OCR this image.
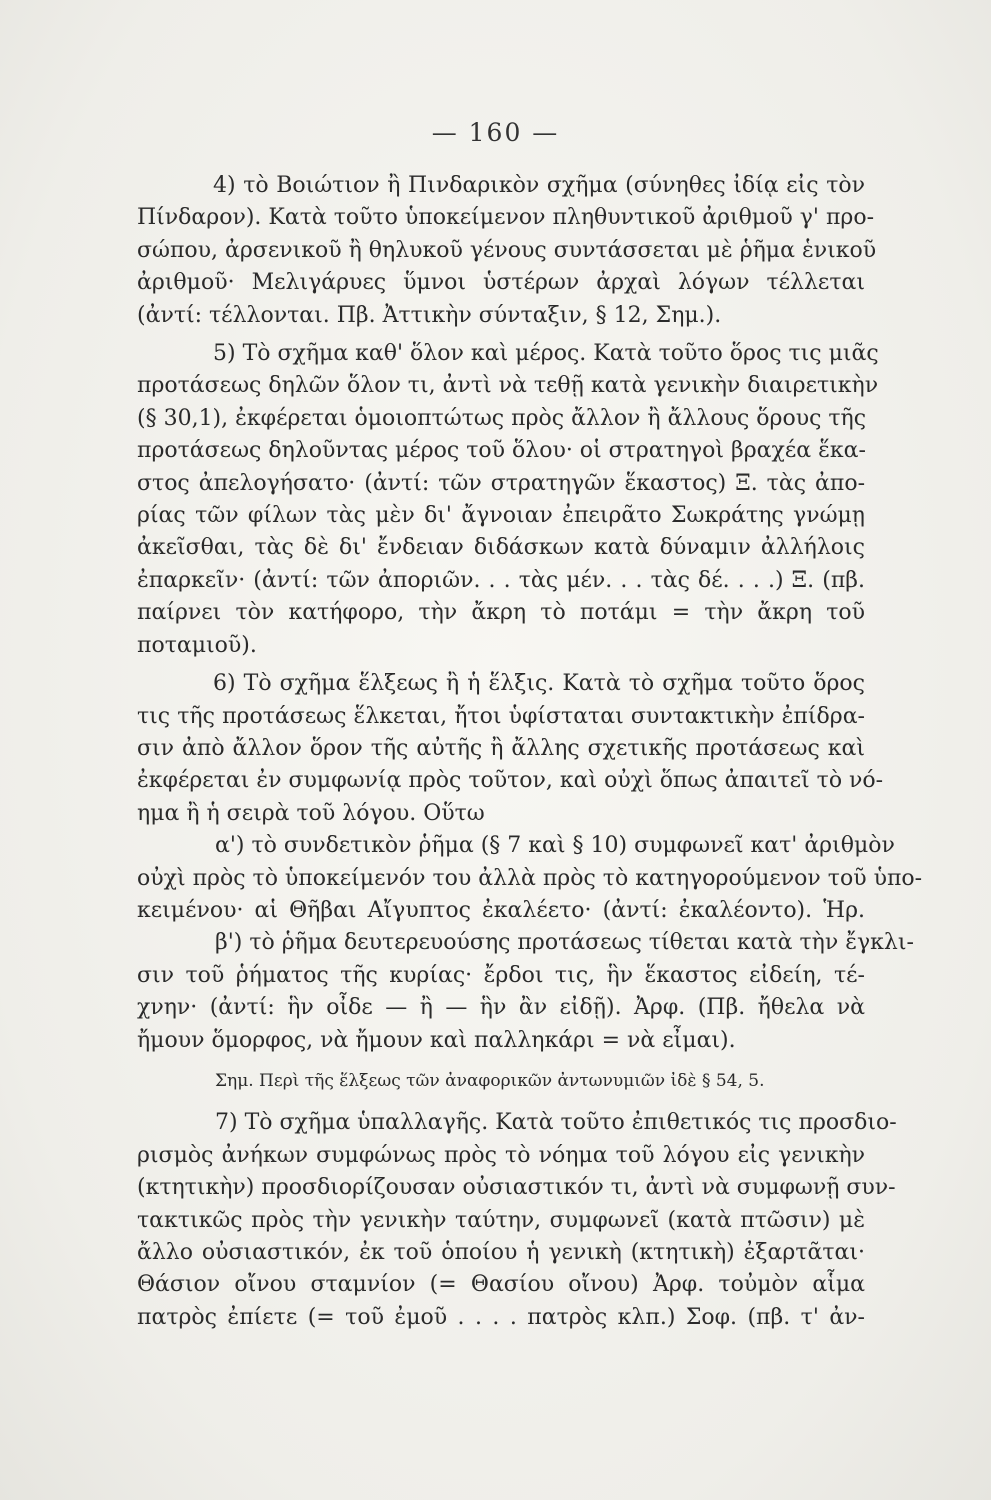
— 160 —
4) τὸ Βοιώτιον ἢ Πινδαρικὸν σχῆμα (σύνηθες ἰδίᾳ εἰς τὸν
Πίνδαρον). Κατὰ τοῦτο ὑποκείμενον πληθυντικοῦ ἀριθμοῦ γ' προ-
σώπου, ἀρσενικοῦ ἢ θηλυκοῦ γένους συντάσσεται μὲ ῥῆμα ἑνικοῦ
ἀριθμοῦ· Μελιγάρυες ὕμνοι ὑστέρων ἀρχαὶ λόγων τέλλεται
(ἀντί: τέλλονται. Πβ. Ἀττικὴν σύνταξιν, § 12, Σημ.).
5) Τὸ σχῆμα καθ' ὅλον καὶ μέρος. Κατὰ τοῦτο ὅρος τις μιᾶς
προτάσεως δηλῶν ὅλον τι, ἀντὶ νὰ τεθῇ κατὰ γενικὴν διαιρετικὴν
(§ 30,1), ἐκφέρεται ὁμοιοπτώτως πρὸς ἄλλον ἢ ἄλλους ὅρους τῆς
προτάσεως δηλοῦντας μέρος τοῦ ὅλου· οἱ στρατηγοὶ βραχέα ἕκα-
στος ἀπελογήσατο· (ἀντί: τῶν στρατηγῶν ἕκαστος) Ξ. τὰς ἀπο-
ρίας τῶν φίλων τὰς μὲν δι' ἄγνοιαν ἐπειρᾶτο Σωκράτης γνώμῃ
ἀκεῖσθαι, τὰς δὲ δι' ἔνδειαν διδάσκων κατὰ δύναμιν ἀλλήλοις
ἐπαρκεῖν· (ἀντί: τῶν ἀποριῶν. . . τὰς μέν. . . τὰς δέ. . . .) Ξ. (πβ.
παίρνει τὸν κατήφορο, τὴν ἄκρη τὸ ποτάμι = τὴν ἄκρη τοῦ
ποταμιοῦ).
6) Τὸ σχῆμα ἕλξεως ἢ ἡ ἕλξις. Κατὰ τὸ σχῆμα τοῦτο ὅρος
τις τῆς προτάσεως ἕλκεται, ἤτοι ὑφίσταται συντακτικὴν ἐπίδρα-
σιν ἀπὸ ἄλλον ὅρον τῆς αὐτῆς ἢ ἄλλης σχετικῆς προτάσεως καὶ
ἐκφέρεται ἐν συμφωνίᾳ πρὸς τοῦτον, καὶ οὐχὶ ὅπως ἀπαιτεῖ τὸ νό-
ημα ἢ ἡ σειρὰ τοῦ λόγου. Οὕτω
α') τὸ συνδετικὸν ῥῆμα (§ 7 καὶ § 10) συμφωνεῖ κατ' ἀριθμὸν
οὐχὶ πρὸς τὸ ὑποκείμενόν του ἀλλὰ πρὸς τὸ κατηγορούμενον τοῦ ὑπο-
κειμένου· αἱ Θῆβαι Αἴγυπτος ἐκαλέετο· (ἀντί: ἐκαλέοντο). Ἡρ.
β') τὸ ῥῆμα δευτερευούσης προτάσεως τίθεται κατὰ τὴν ἔγκλι-
σιν τοῦ ῥήματος τῆς κυρίας· ἔρδοι τις, ἣν ἕκαστος εἰδείη, τέ-
χνην· (ἀντί: ἣν οἶδε — ἢ — ἣν ἂν εἰδῇ). Ἀρφ. (Πβ. ἤθελα νὰ
ἤμουν ὅμορφος, νὰ ἤμουν καὶ παλληκάρι = νὰ εἶμαι).
Σημ. Περὶ τῆς ἕλξεως τῶν ἀναφορικῶν ἀντωνυμιῶν ἰδὲ § 54, 5.
7) Τὸ σχῆμα ὑπαλλαγῆς. Κατὰ τοῦτο ἐπιθετικός τις προσδιο-
ρισμὸς ἀνήκων συμφώνως πρὸς τὸ νόημα τοῦ λόγου εἰς γενικὴν
(κτητικὴν) προσδιορίζουσαν οὐσιαστικόν τι, ἀντὶ νὰ συμφωνῇ συν-
τακτικῶς πρὸς τὴν γενικὴν ταύτην, συμφωνεῖ (κατὰ πτῶσιν) μὲ
ἄλλο οὐσιαστικόν, ἐκ τοῦ ὁποίου ἡ γενικὴ (κτητικὴ) ἐξαρτᾶται·
Θάσιον οἴνου σταμνίον (= Θασίου οἴνου) Ἀρφ. τοὐμὸν αἷμα
πατρὸς ἐπίετε (= τοῦ ἐμοῦ . . . . πατρὸς κλπ.) Σοφ. (πβ. τ' ἀν-
